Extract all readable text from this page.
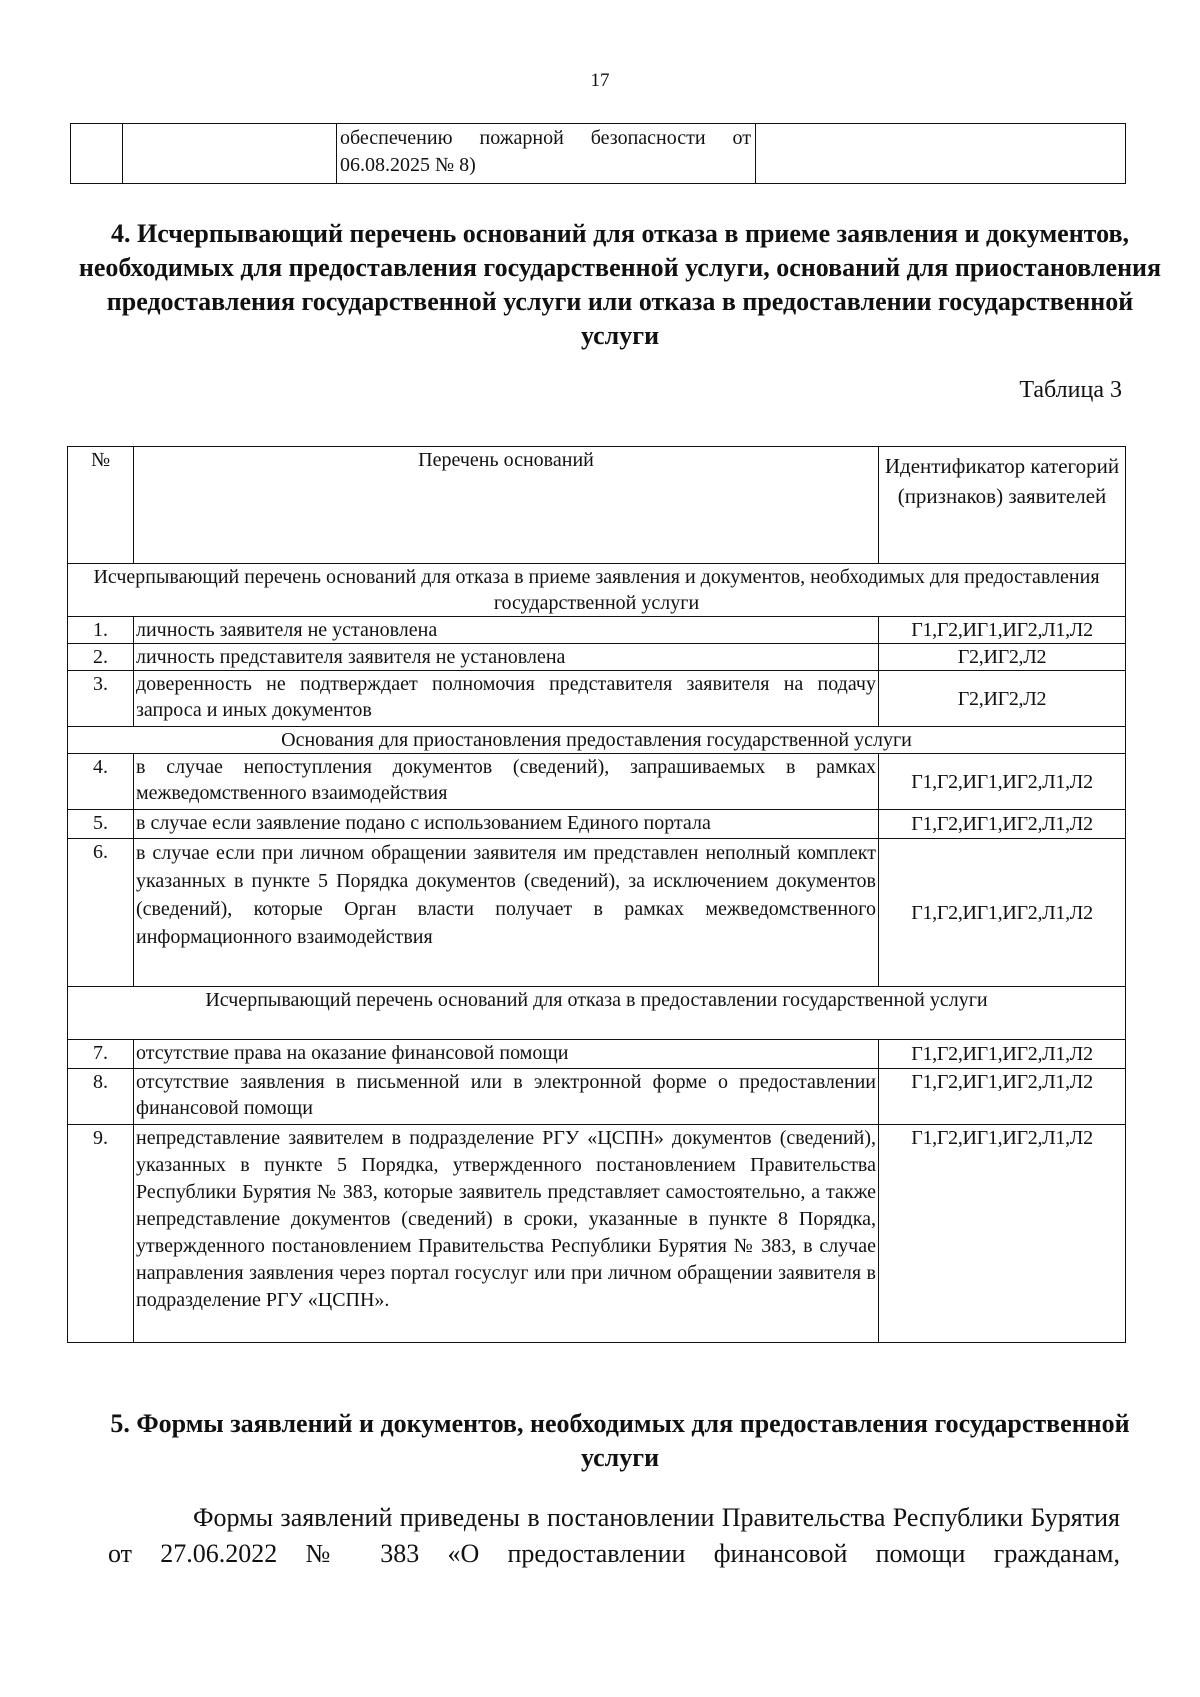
17
		обеспечению пожарной безопасности от 06.08.2025 № 8)	
4. Исчерпывающий перечень оснований для отказа в приеме заявления и документов, необходимых для предоставления государственной услуги, оснований для приостановления предоставления государственной услуги или отказа в предоставлении государственной услуги
Таблица 3
№	Перечень оснований	Идентификатор категорий (признаков) заявителей
Исчерпывающий перечень оснований для отказа в приеме заявления и документов, необходимых для предоставления государственной услуги		
1.	личность заявителя не установлена	Г1,Г2,ИГ1,ИГ2,Л1,Л2
2.	личность представителя заявителя не установлена	Г2,ИГ2,Л2
3.	доверенность не подтверждает полномочия представителя заявителя на подачу запроса и иных документов	Г2,ИГ2,Л2
Основания для приостановления предоставления государственной услуги		
4.	в случае непоступления документов (сведений), запрашиваемых в рамках межведомственного взаимодействия	Г1,Г2,ИГ1,ИГ2,Л1,Л2
5.	в случае если заявление подано с использованием Единого портала	Г1,Г2,ИГ1,ИГ2,Л1,Л2
6.	в случае если при личном обращении заявителя им представлен неполный комплект указанных в пункте 5 Порядка документов (сведений), за исключением документов (сведений), которые Орган власти получает в рамках межведомственного информационного взаимодействия	Г1,Г2,ИГ1,ИГ2,Л1,Л2
Исчерпывающий перечень оснований для отказа в предоставлении государственной услуги		
7.	отсутствие права на оказание финансовой помощи	Г1,Г2,ИГ1,ИГ2,Л1,Л2
8.	отсутствие заявления в письменной или в электронной форме о предоставлении финансовой помощи	Г1,Г2,ИГ1,ИГ2,Л1,Л2
9.	непредставление заявителем в подразделение РГУ «ЦСПН» документов (сведений), указанных в пункте 5 Порядка, утвержденного постановлением Правительства Республики Бурятия № 383, которые заявитель представляет самостоятельно, а также непредставление документов (сведений) в сроки, указанные в пункте 8 Порядка, утвержденного постановлением Правительства Республики Бурятия № 383, в случае направления заявления через портал госуслуг или при личном обращении заявителя в подразделение РГУ «ЦСПН».	Г1,Г2,ИГ1,ИГ2,Л1,Л2
5. Формы заявлений и документов, необходимых для предоставления государственной услуги
Формы заявлений приведены в постановлении Правительства Республики Бурятия от 27.06.2022 № 383 «О предоставлении финансовой помощи гражданам,
